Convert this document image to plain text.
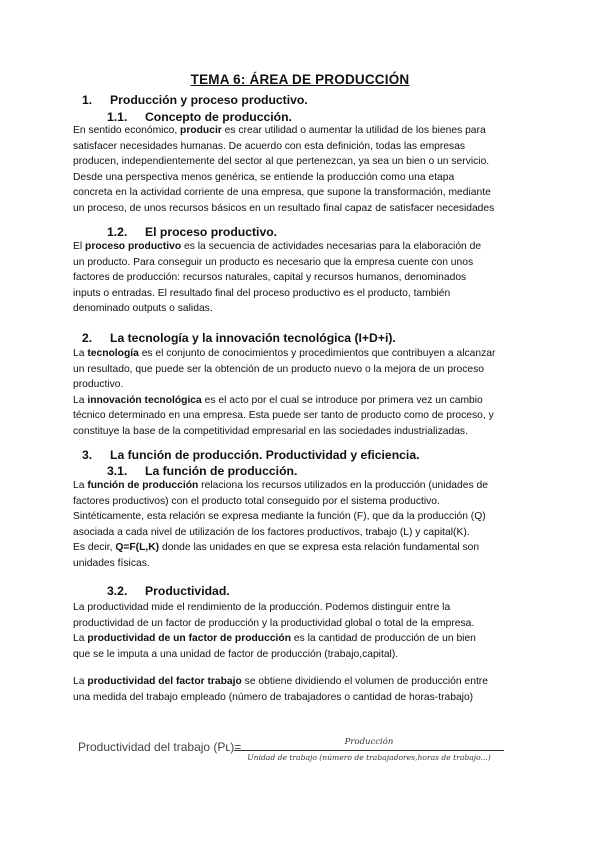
TEMA 6: ÁREA DE PRODUCCIÓN
1. Producción y proceso productivo.
1.1. Concepto de producción.
En sentido económico, producir es crear utilidad o aumentar la utilidad de los bienes para
satisfacer necesidades humanas. De acuerdo con esta definición, todas las empresas
producen, independientemente del sector al que pertenezcan, ya sea un bien o un servicio.
Desde una perspectiva menos genérica, se entiende la producción como una etapa
concreta en la actividad corriente de una empresa, que supone la transformación, mediante
un proceso, de unos recursos básicos en un resultado final capaz de satisfacer necesidades
1.2. El proceso productivo.
El proceso productivo es la secuencia de actividades necesarias para la elaboración de
un producto. Para conseguir un producto es necesario que la empresa cuente con unos
factores de producción: recursos naturales, capital y recursos humanos, denominados
inputs o entradas. El resultado final del proceso productivo es el producto, también
denominado outputs o salidas.
2. La tecnología y la innovación tecnológica (I+D+i).
La tecnología es el conjunto de conocimientos y procedimientos que contribuyen a alcanzar
un resultado, que puede ser la obtención de un producto nuevo o la mejora de un proceso
productivo.
La innovación tecnológica es el acto por el cual se introduce por primera vez un cambio
técnico determinado en una empresa. Esta puede ser tanto de producto como de proceso, y
constituye la base de la competitividad empresarial en las sociedades industrializadas.
3. La función de producción. Productividad y eficiencia.
3.1. La función de producción.
La función de producción relaciona los recursos utilizados en la producción (unidades de
factores productivos) con el producto total conseguido por el sistema productivo.
Sintéticamente, esta relación se expresa mediante la función (F), que da la producción (Q)
asociada a cada nivel de utilización de los factores productivos, trabajo (L) y capital(K).
Es decir, Q=F(L,K) donde las unidades en que se expresa esta relación fundamental son
unidades físicas.
3.2. Productividad.
La productividad mide el rendimiento de la producción. Podemos distinguir entre la
productividad de un factor de producción y la productividad global o total de la empresa.
La productividad de un factor de producción es la cantidad de producción de un bien
que se le imputa a una unidad de factor de producción (trabajo,capital).
La productividad del factor trabajo se obtiene dividiendo el volumen de producción entre
una medida del trabajo empleado (número de trabajadores o cantidad de horas-trabajo)
Productividad del trabajo (Pʟ)=	Producción
Unidad de trabajo (número de trabajadores,horas de trabajo...)
